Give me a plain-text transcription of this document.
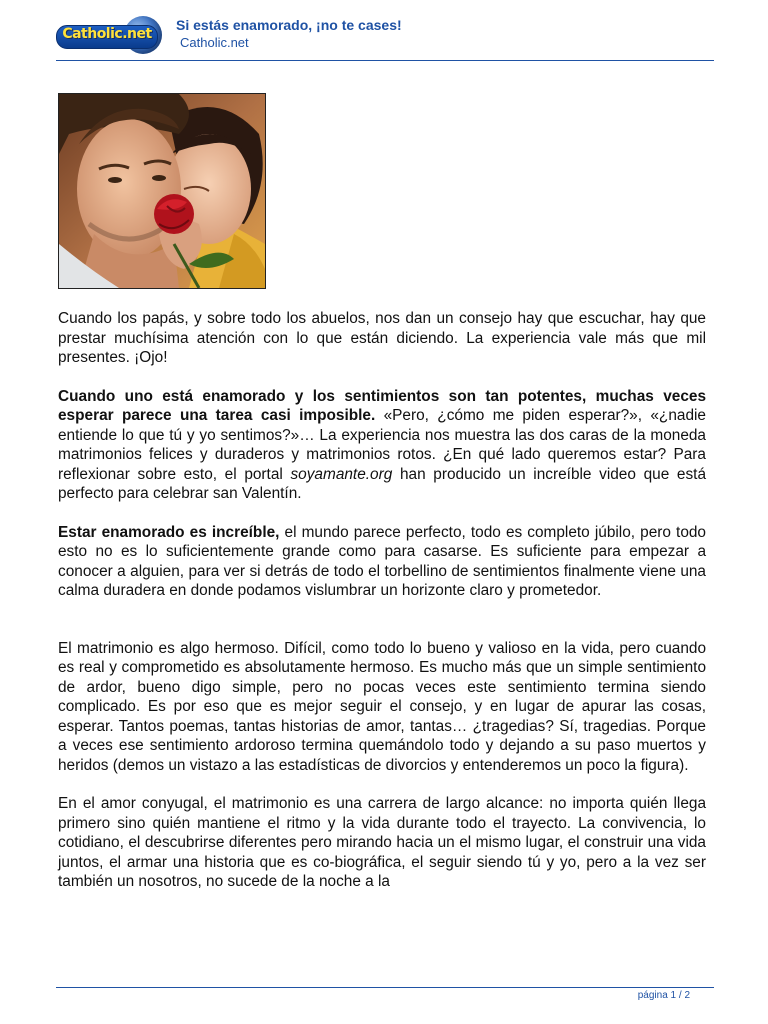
Catholic.net
Si estás enamorado, ¡no te cases!
Catholic.net

Cuando los papás, y sobre todo los abuelos, nos dan un consejo hay que escuchar, hay que prestar muchísima atención con lo que están diciendo. La experiencia vale más que mil presentes. ¡Ojo!

Cuando uno está enamorado y los sentimientos son tan potentes, muchas veces esperar parece una tarea casi imposible. «Pero, ¿cómo me piden esperar?», «¿nadie entiende lo que tú y yo sentimos?»… La experiencia nos muestra las dos caras de la moneda matrimonios felices y duraderos y matrimonios rotos. ¿En qué lado queremos estar? Para reflexionar sobre esto, el portal soyamante.org han producido un increíble video que está perfecto para celebrar san Valentín.

Estar enamorado es increíble, el mundo parece perfecto, todo es completo júbilo, pero todo esto no es lo suficientemente grande como para casarse. Es suficiente para empezar a conocer a alguien, para ver si detrás de todo el torbellino de sentimientos finalmente viene una calma duradera en donde podamos vislumbrar un horizonte claro y prometedor.

El matrimonio es algo hermoso. Difícil, como todo lo bueno y valioso en la vida, pero cuando es real y comprometido es absolutamente hermoso. Es mucho más que un simple sentimiento de ardor, bueno digo simple, pero no pocas veces este sentimiento termina siendo complicado. Es por eso que es mejor seguir el consejo, y en lugar de apurar las cosas, esperar. Tantos poemas, tantas historias de amor, tantas… ¿tragedias? Sí, tragedias. Porque a veces ese sentimiento ardoroso termina quemándolo todo y dejando a su paso muertos y heridos (demos un vistazo a las estadísticas de divorcios y entenderemos un poco la figura).

En el amor conyugal, el matrimonio es una carrera de largo alcance: no importa quién llega primero sino quién mantiene el ritmo y la vida durante todo el trayecto. La convivencia, lo cotidiano, el descubrirse diferentes pero mirando hacia un el mismo lugar, el construir una vida juntos, el armar una historia que es co-biográfica, el seguir siendo tú y yo, pero a la vez ser también un nosotros, no sucede de la noche a la

página 1 / 2
